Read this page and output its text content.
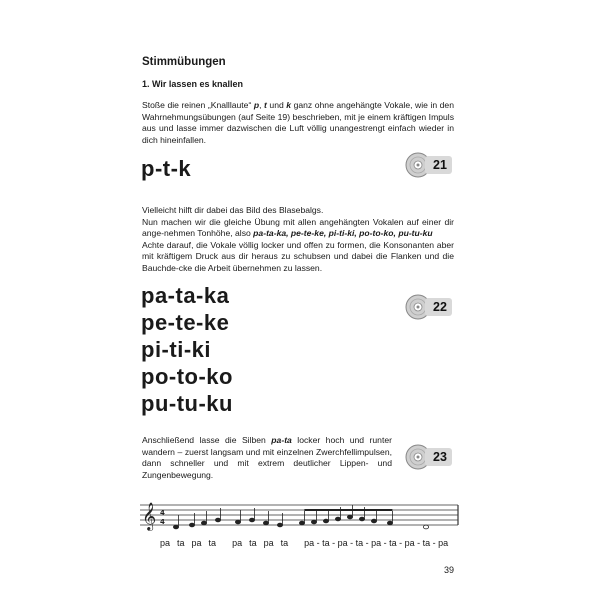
Stimmübungen
1. Wir lassen es knallen
Stoße die reinen „Knalllaute“ p, t und k ganz ohne angehängte Vokale, wie in den Wahrnehmungsübungen (auf Seite 19) beschrieben, mit je einem kräftigen Impuls aus und lasse immer dazwischen die Luft völlig unangestrengt einfach wieder in dich hineinfallen.
p-t-k	21
Vielleicht hilft dir dabei das Bild des Blasebalgs.
Nun machen wir die gleiche Übung mit allen angehängten Vokalen auf einer dir ange-nehmen Tonhöhe, also pa-ta-ka, pe-te-ke, pi-ti-ki, po-to-ko, pu-tu-ku
Achte darauf, die Vokale völlig locker und offen zu formen, die Konsonanten aber mit kräftigem Druck aus dir heraus zu schubsen und dabei die Flanken und die Bauchde-cke die Arbeit übernehmen zu lassen.
pa-ta-ka
pe-te-ke
pi-ti-ki
po-to-ko
pu-tu-ku
22
Anschließend lasse die Silben pa-ta locker hoch und runter wandern – zuerst langsam und mit einzelnen Zwerchfellimpulsen, dann schneller und mit extrem deutlicher Lippen- und Zungenbewegung.
23
𝄞 4
4
pa ta pa ta pa ta pa ta pa - ta - pa - ta - pa - ta - pa - ta - pa
39
